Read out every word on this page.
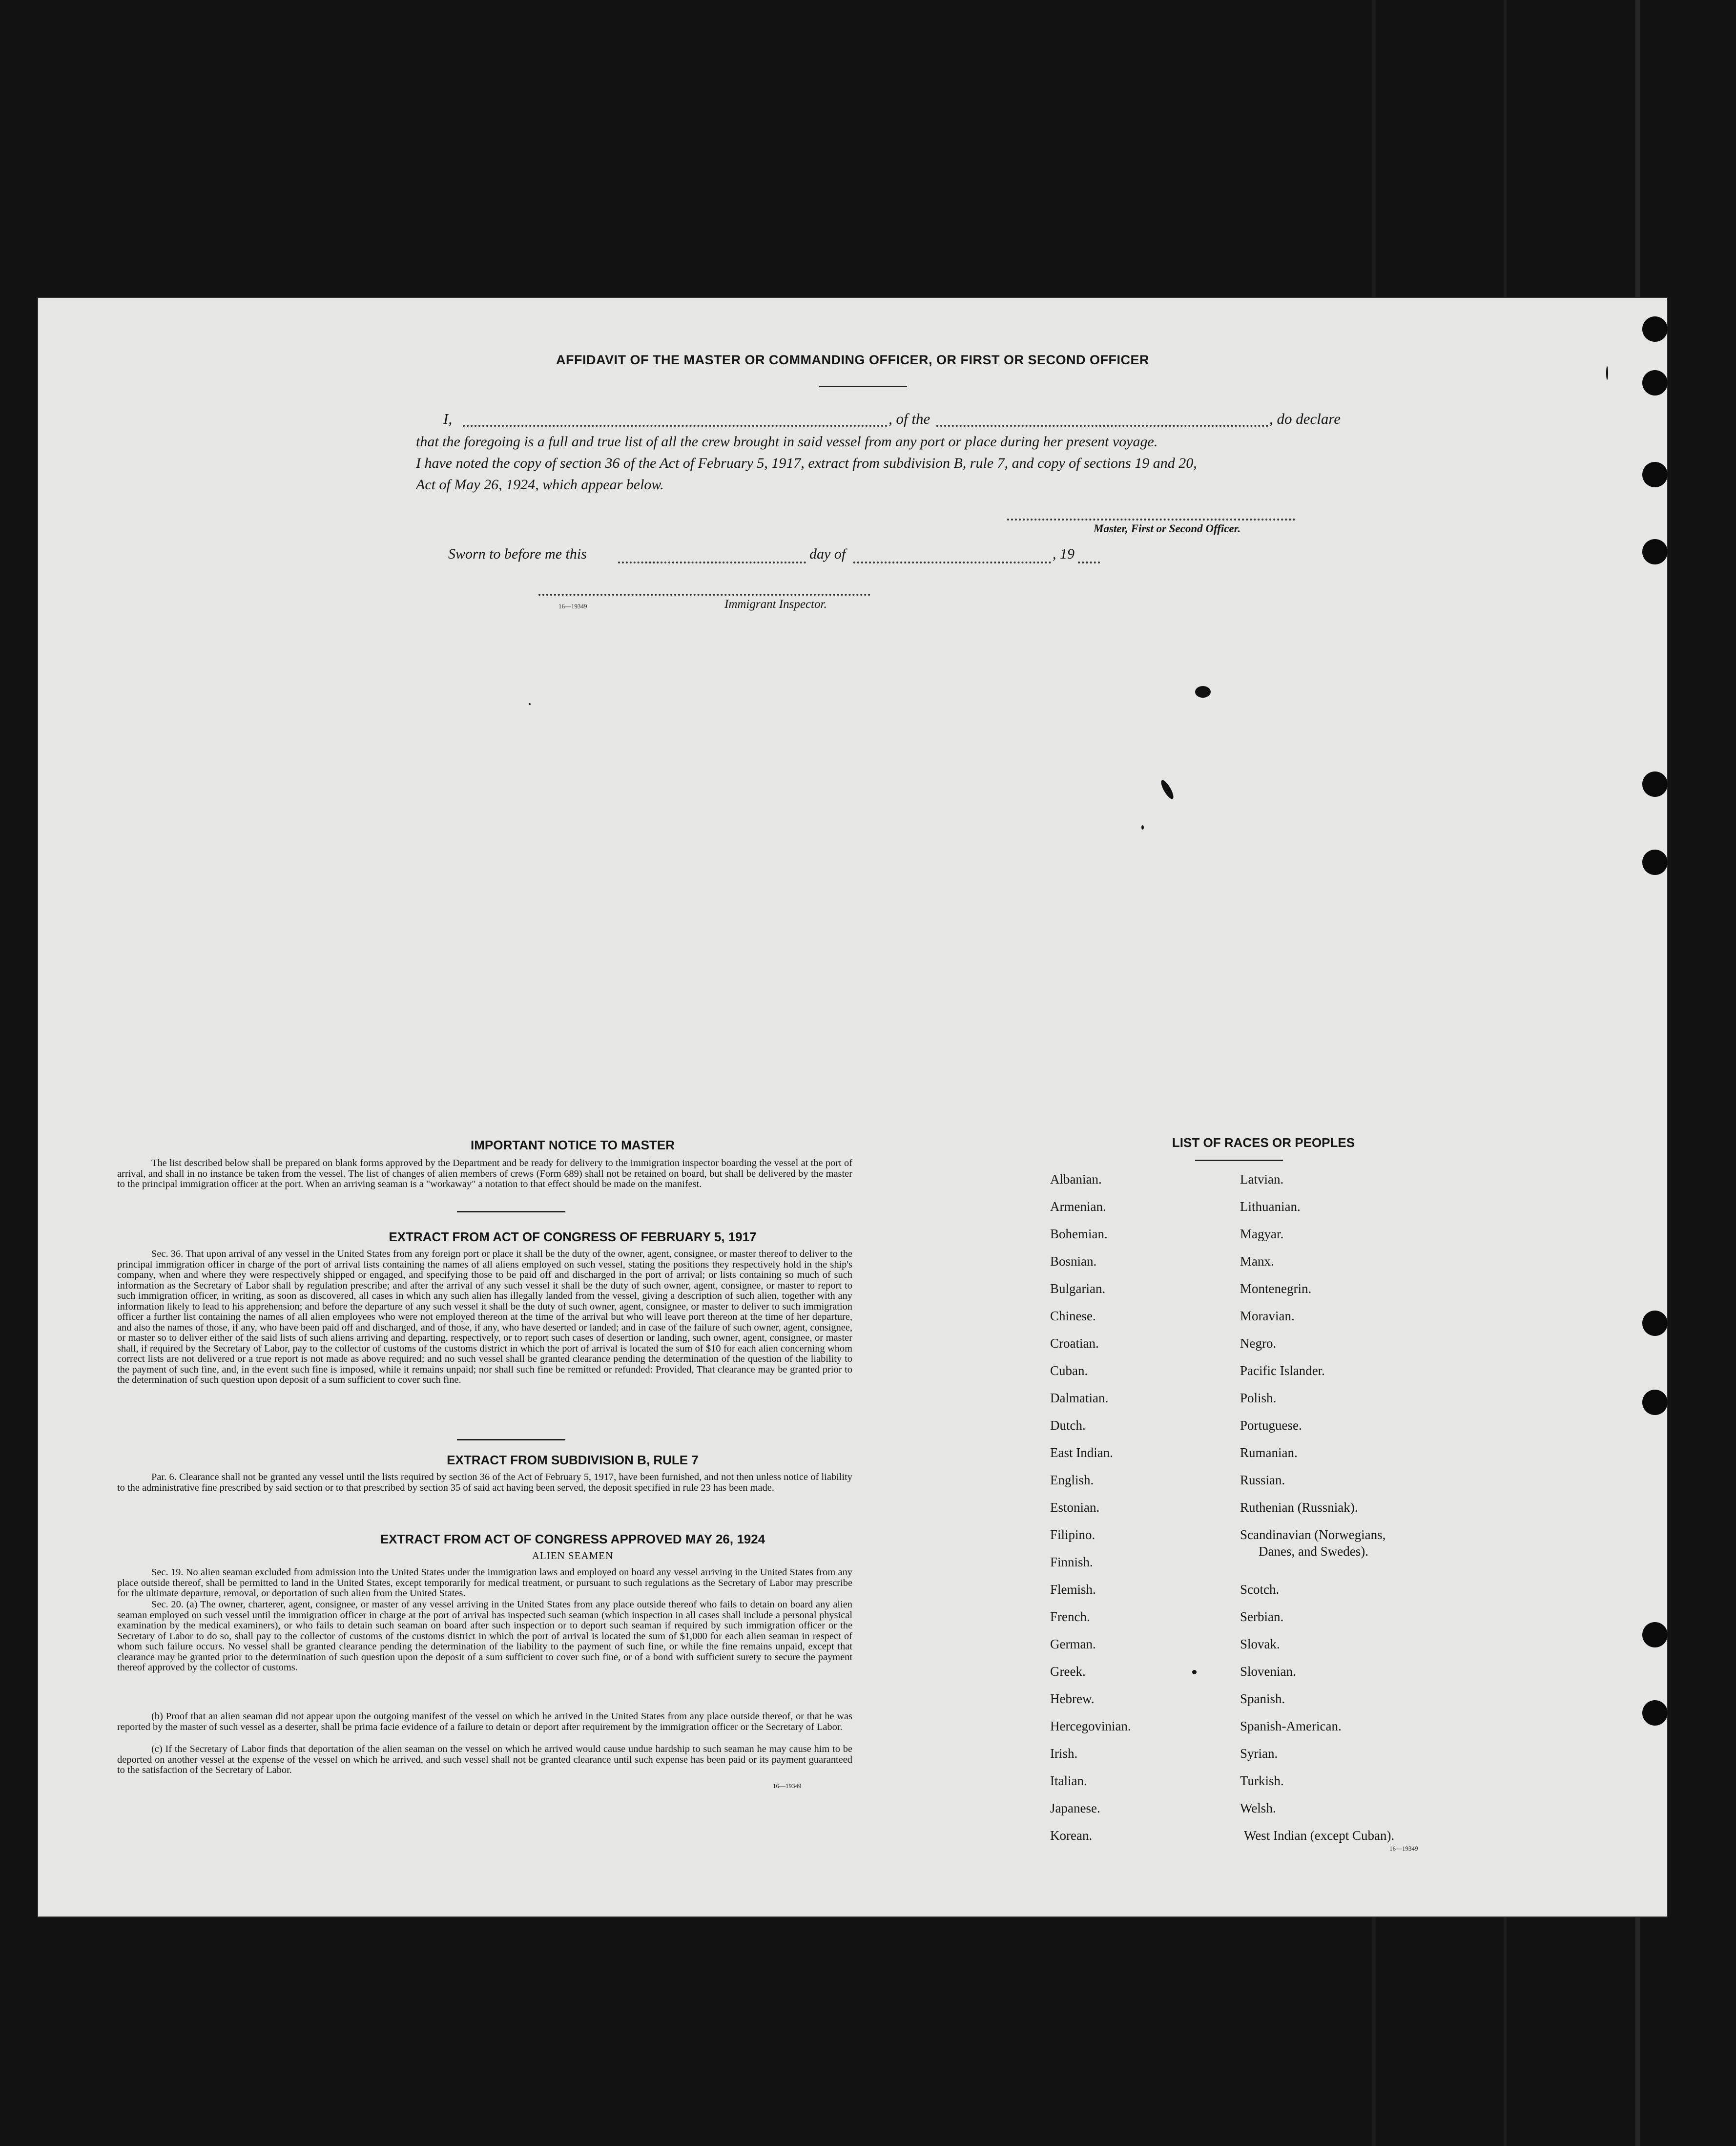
AFFIDAVIT OF THE MASTER OR COMMANDING OFFICER, OR FIRST OR SECOND OFFICER
I,	, of the	, do declare
that the foregoing is a full and true list of all the crew brought in said vessel from any port or place during her present voyage.
I have noted the copy of section 36 of the Act of February 5, 1917, extract from subdivision B, rule 7, and copy of sections 19 and 20,
Act of May 26, 1924, which appear below.
Master, First or Second Officer.
Sworn to before me this	day of	, 19
16—19349	Immigrant Inspector.
IMPORTANT NOTICE TO MASTER
The list described below shall be prepared on blank forms approved by the Department and be ready for delivery to the immigration inspector boarding the vessel at the port of arrival, and shall in no instance be taken from the vessel. The list of changes of alien members of crews (Form 689) shall not be retained on board, but shall be delivered by the master to the principal immigration officer at the port. When an arriving seaman is a "workaway" a notation to that effect should be made on the manifest.
EXTRACT FROM ACT OF CONGRESS OF FEBRUARY 5, 1917
Sec. 36. That upon arrival of any vessel in the United States from any foreign port or place it shall be the duty of the owner, agent, consignee, or master thereof to deliver to the principal immigration officer in charge of the port of arrival lists containing the names of all aliens employed on such vessel, stating the positions they respectively hold in the ship's company, when and where they were respectively shipped or engaged, and specifying those to be paid off and discharged in the port of arrival; or lists containing so much of such information as the Secretary of Labor shall by regulation prescribe; and after the arrival of any such vessel it shall be the duty of such owner, agent, consignee, or master to report to such immigration officer, in writing, as soon as discovered, all cases in which any such alien has illegally landed from the vessel, giving a description of such alien, together with any information likely to lead to his apprehension; and before the departure of any such vessel it shall be the duty of such owner, agent, consignee, or master to deliver to such immigration officer a further list containing the names of all alien employees who were not employed thereon at the time of the arrival but who will leave port thereon at the time of her departure, and also the names of those, if any, who have been paid off and discharged, and of those, if any, who have deserted or landed; and in case of the failure of such owner, agent, consignee, or master so to deliver either of the said lists of such aliens arriving and departing, respectively, or to report such cases of desertion or landing, such owner, agent, consignee, or master shall, if required by the Secretary of Labor, pay to the collector of customs of the customs district in which the port of arrival is located the sum of $10 for each alien concerning whom correct lists are not delivered or a true report is not made as above required; and no such vessel shall be granted clearance pending the determination of the question of the liability to the payment of such fine, and, in the event such fine is imposed, while it remains unpaid; nor shall such fine be remitted or refunded: Provided, That clearance may be granted prior to the determination of such question upon deposit of a sum sufficient to cover such fine.
EXTRACT FROM SUBDIVISION B, RULE 7
Par. 6. Clearance shall not be granted any vessel until the lists required by section 36 of the Act of February 5, 1917, have been furnished, and not then unless notice of liability to the administrative fine prescribed by said section or to that prescribed by section 35 of said act having been served, the deposit specified in rule 23 has been made.
EXTRACT FROM ACT OF CONGRESS APPROVED MAY 26, 1924
ALIEN SEAMEN
Sec. 19. No alien seaman excluded from admission into the United States under the immigration laws and employed on board any vessel arriving in the United States from any place outside thereof, shall be permitted to land in the United States, except temporarily for medical treatment, or pursuant to such regulations as the Secretary of Labor may prescribe for the ultimate departure, removal, or deportation of such alien from the United States.
Sec. 20. (a) The owner, charterer, agent, consignee, or master of any vessel arriving in the United States from any place outside thereof who fails to detain on board any alien seaman employed on such vessel until the immigration officer in charge at the port of arrival has inspected such seaman (which inspection in all cases shall include a personal physical examination by the medical examiners), or who fails to detain such seaman on board after such inspection or to deport such seaman if required by such immigration officer or the Secretary of Labor to do so, shall pay to the collector of customs of the customs district in which the port of arrival is located the sum of $1,000 for each alien seaman in respect of whom such failure occurs. No vessel shall be granted clearance pending the determination of the liability to the payment of such fine, or while the fine remains unpaid, except that clearance may be granted prior to the determination of such question upon the deposit of a sum sufficient to cover such fine, or of a bond with sufficient surety to secure the payment thereof approved by the collector of customs.
(b) Proof that an alien seaman did not appear upon the outgoing manifest of the vessel on which he arrived in the United States from any place outside thereof, or that he was reported by the master of such vessel as a deserter, shall be prima facie evidence of a failure to detain or deport after requirement by the immigration officer or the Secretary of Labor.
(c) If the Secretary of Labor finds that deportation of the alien seaman on the vessel on which he arrived would cause undue hardship to such seaman he may cause him to be deported on another vessel at the expense of the vessel on which he arrived, and such vessel shall not be granted clearance until such expense has been paid or its payment guaranteed to the satisfaction of the Secretary of Labor.
16—19349
LIST OF RACES OR PEOPLES
Albanian.
Armenian.
Bohemian.
Bosnian.
Bulgarian.
Chinese.
Croatian.
Cuban.
Dalmatian.
Dutch.
East Indian.
English.
Estonian.
Filipino.
Finnish.
Flemish.
French.
German.
Greek.
Hebrew.
Hercegovinian.
Irish.
Italian.
Japanese.
Korean.
Latvian.
Lithuanian.
Magyar.
Manx.
Montenegrin.
Moravian.
Negro.
Pacific Islander.
Polish.
Portuguese.
Rumanian.
Russian.
Ruthenian (Russniak).
Scandinavian (Norwegians,
Danes, and Swedes).
Scotch.
Serbian.
Slovak.
Slovenian.
Spanish.
Spanish-American.
Syrian.
Turkish.
Welsh.
West Indian (except Cuban).
16—19349
